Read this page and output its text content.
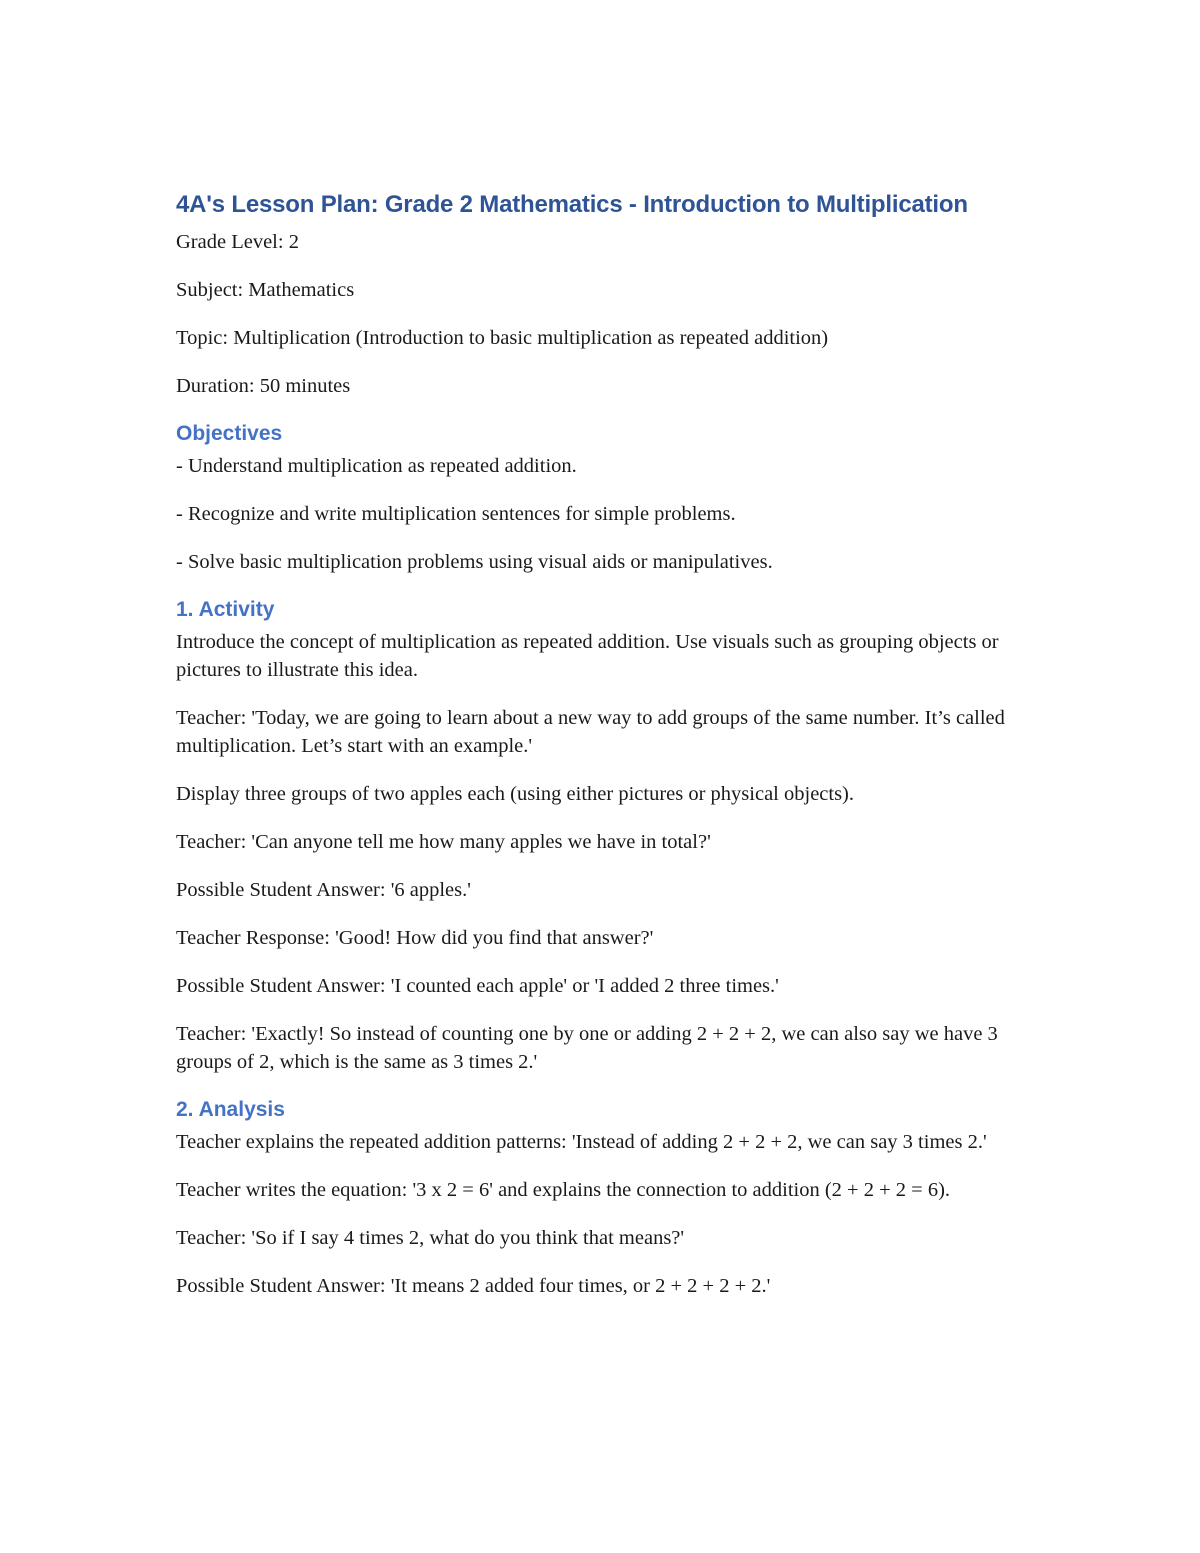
4A's Lesson Plan: Grade 2 Mathematics - Introduction to Multiplication

Grade Level: 2

Subject: Mathematics

Topic: Multiplication (Introduction to basic multiplication as repeated addition)

Duration: 50 minutes

Objectives

- Understand multiplication as repeated addition.

- Recognize and write multiplication sentences for simple problems.

- Solve basic multiplication problems using visual aids or manipulatives.

1. Activity

Introduce the concept of multiplication as repeated addition. Use visuals such as grouping objects or pictures to illustrate this idea.

Teacher: 'Today, we are going to learn about a new way to add groups of the same number. It’s called multiplication. Let’s start with an example.'

Display three groups of two apples each (using either pictures or physical objects).

Teacher: 'Can anyone tell me how many apples we have in total?'

Possible Student Answer: '6 apples.'

Teacher Response: 'Good! How did you find that answer?'

Possible Student Answer: 'I counted each apple' or 'I added 2 three times.'

Teacher: 'Exactly! So instead of counting one by one or adding 2 + 2 + 2, we can also say we have 3 groups of 2, which is the same as 3 times 2.'

2. Analysis

Teacher explains the repeated addition patterns: 'Instead of adding 2 + 2 + 2, we can say 3 times 2.'

Teacher writes the equation: '3 x 2 = 6' and explains the connection to addition (2 + 2 + 2 = 6).

Teacher: 'So if I say 4 times 2, what do you think that means?'

Possible Student Answer: 'It means 2 added four times, or 2 + 2 + 2 + 2.'
